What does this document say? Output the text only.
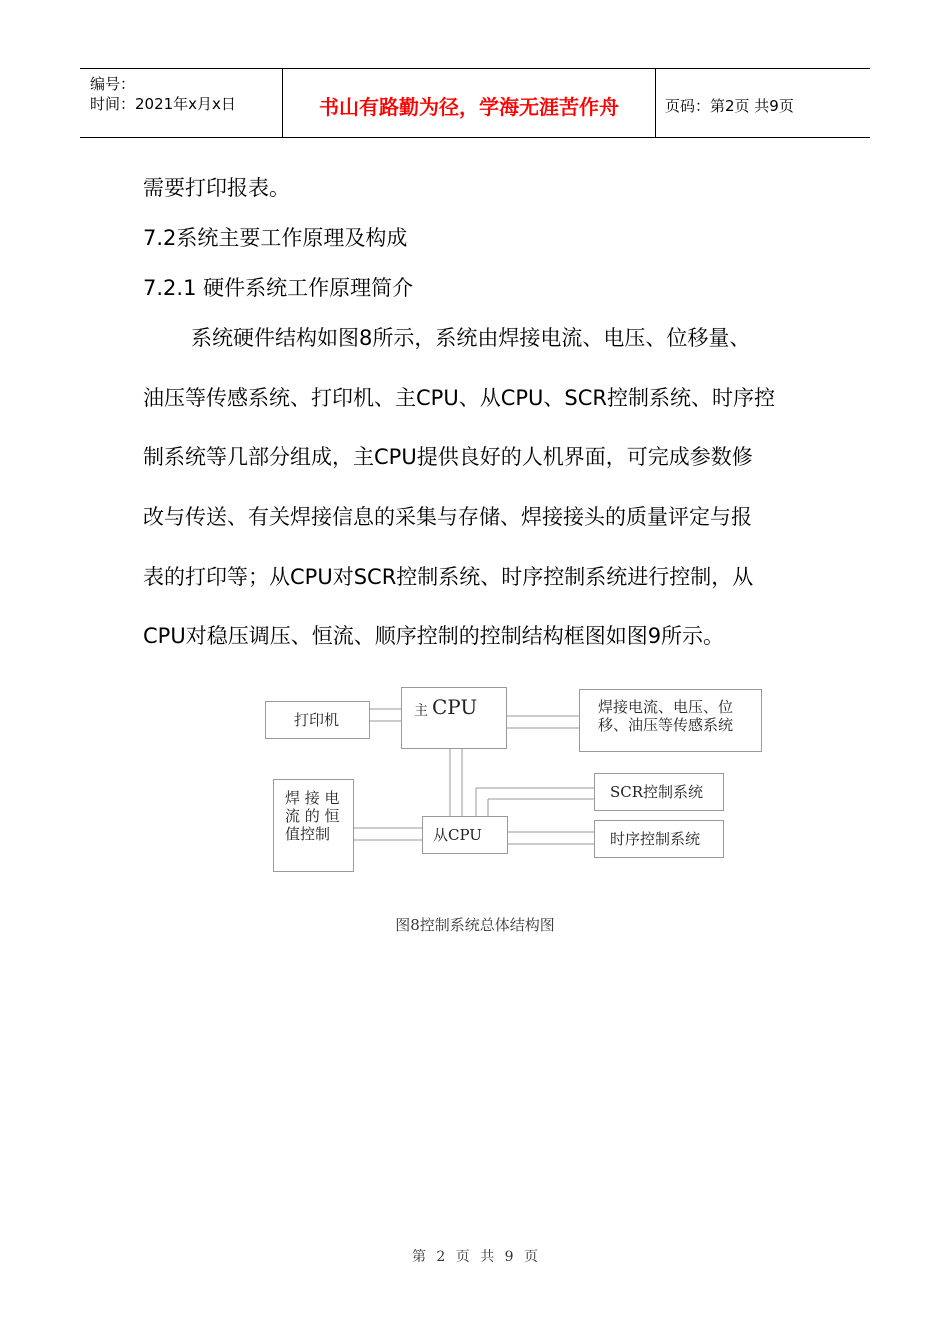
编号：
时间：2021年x月x日	书山有路勤为径，学海无涯苦作舟	页码：第2页 共9页
需要打印报表。
7.2系统主要工作原理及构成
7.2.1 硬件系统工作原理简介
系统硬件结构如图8所示，系统由焊接电流、电压、位移量、
油压等传感系统、打印机、主CPU、从CPU、SCR控制系统、时序控
制系统等几部分组成，主CPU提供良好的人机界面，可完成参数修
改与传送、有关焊接信息的采集与存储、焊接接头的质量评定与报
表的打印等；从CPU对SCR控制系统、时序控制系统进行控制，从
CPU对稳压调压、恒流、顺序控制的控制结构框图如图9所示。
打印机	主 CPU	焊接电流、电压、位
移、油压等传感系统
焊 接 电
流 的 恒
值控制	从CPU
SCR控制系统
时序控制系统
图8控制系统总体结构图
第 2 页 共 9 页
